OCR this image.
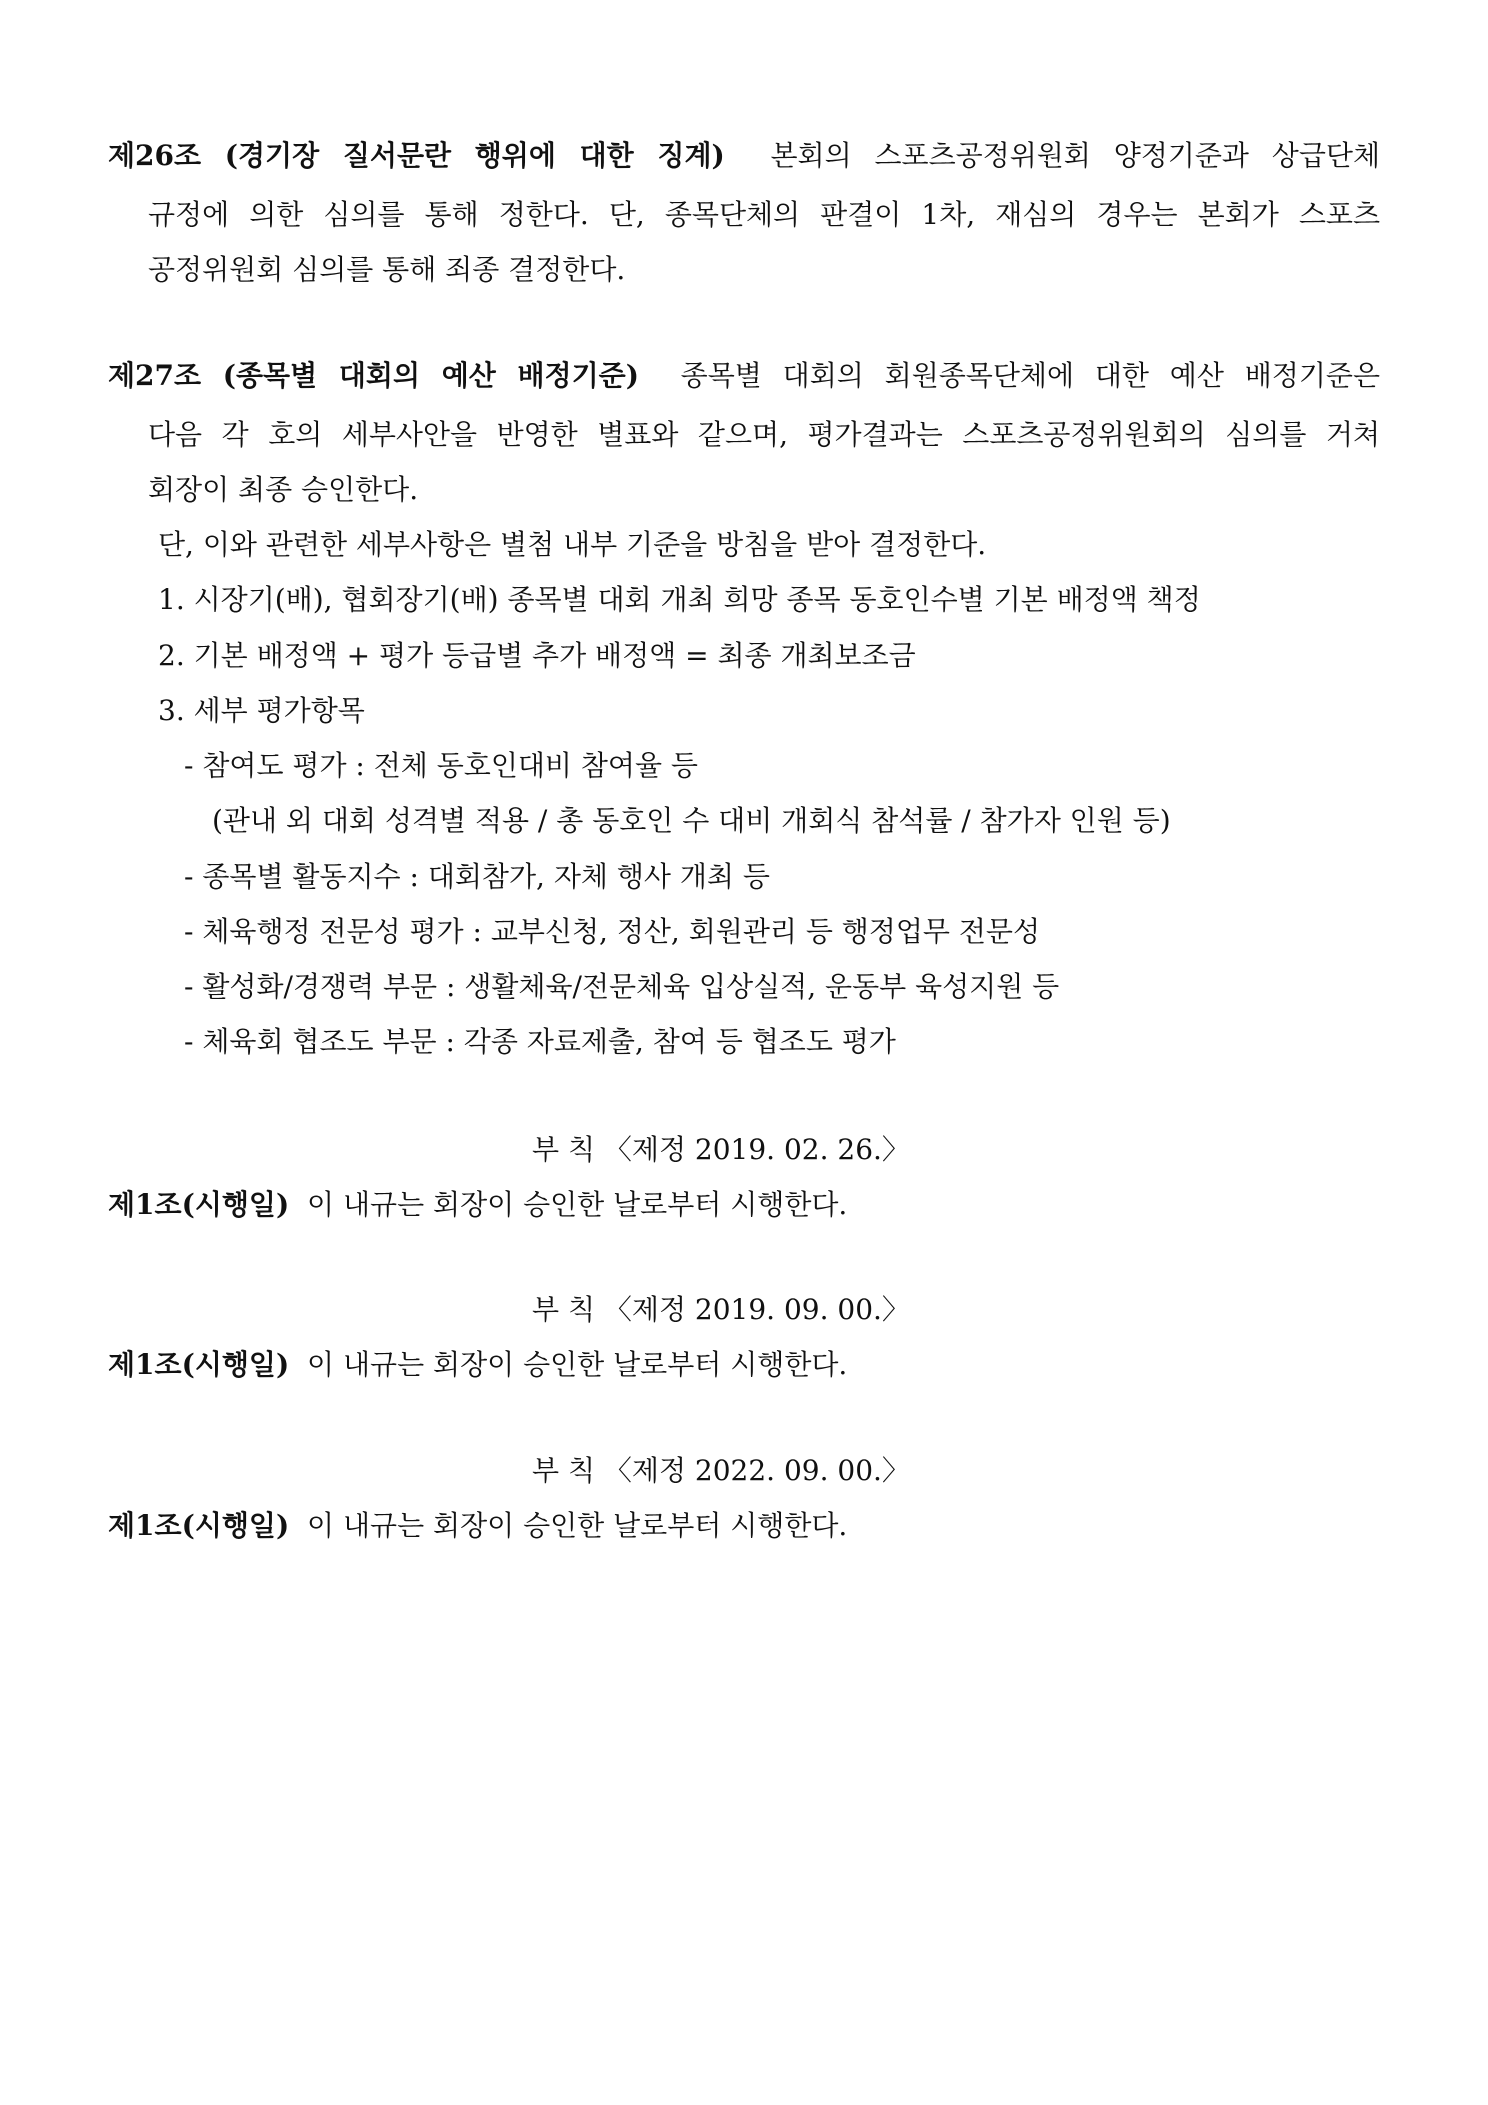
제26조 (경기장 질서문란 행위에 대한 징계) 본회의 스포츠공정위원회 양정기준과 상급단체
규정에 의한 심의를 통해 정한다. 단, 종목단체의 판결이 1차, 재심의 경우는 본회가 스포츠
공정위원회 심의를 통해 죄종 결정한다.
제27조 (종목별 대회의 예산 배정기준) 종목별 대회의 회원종목단체에 대한 예산 배정기준은
다음 각 호의 세부사안을 반영한 별표와 같으며, 평가결과는 스포츠공정위원회의 심의를 거쳐
회장이 최종 승인한다.
단, 이와 관련한 세부사항은 별첨 내부 기준을 방침을 받아 결정한다.
1. 시장기(배), 협회장기(배) 종목별 대회 개최 희망 종목 동호인수별 기본 배정액 책정
2. 기본 배정액 + 평가 등급별 추가 배정액 = 최종 개최보조금
3. 세부 평가항목
- 참여도 평가 : 전체 동호인대비 참여율 등
(관내 외 대회 성격별 적용 / 총 동호인 수 대비 개회식 참석률 / 참가자 인원 등)
- 종목별 활동지수 : 대회참가, 자체 행사 개최 등
- 체육행정 전문성 평가 : 교부신청, 정산, 회원관리 등 행정업무 전문성
- 활성화/경쟁력 부문 : 생활체육/전문체육 입상실적, 운동부 육성지원 등
- 체육회 협조도 부문 : 각종 자료제출, 참여 등 협조도 평가
부 칙 〈제정 2019. 02. 26.〉
제1조(시행일) 이 내규는 회장이 승인한 날로부터 시행한다.
부 칙 〈제정 2019. 09. 00.〉
제1조(시행일) 이 내규는 회장이 승인한 날로부터 시행한다.
부 칙 〈제정 2022. 09. 00.〉
제1조(시행일) 이 내규는 회장이 승인한 날로부터 시행한다.
